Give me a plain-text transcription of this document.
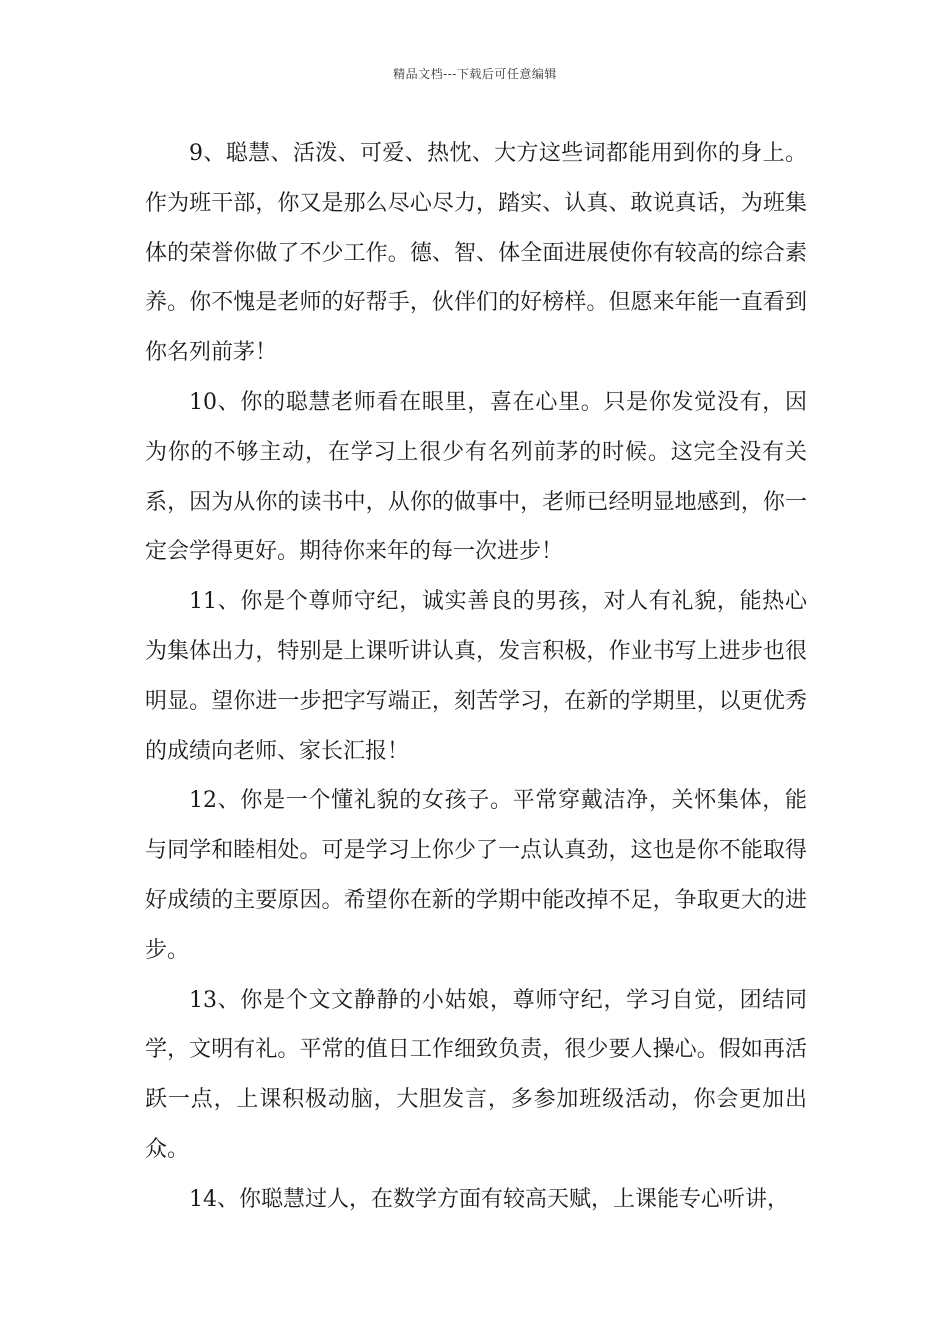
精品文档---下载后可任意编辑

9、聪慧、活泼、可爱、热忱、大方这些词都能用到你的身上。作为班干部，你又是那么尽心尽力，踏实、认真、敢说真话，为班集体的荣誉你做了不少工作。德、智、体全面进展使你有较高的综合素养。你不愧是老师的好帮手，伙伴们的好榜样。但愿来年能一直看到你名列前茅！

10、你的聪慧老师看在眼里，喜在心里。只是你发觉没有，因为你的不够主动，在学习上很少有名列前茅的时候。这完全没有关系，因为从你的读书中，从你的做事中，老师已经明显地感到，你一定会学得更好。期待你来年的每一次进步！

11、你是个尊师守纪，诚实善良的男孩，对人有礼貌，能热心为集体出力，特别是上课听讲认真，发言积极，作业书写上进步也很明显。望你进一步把字写端正，刻苦学习，在新的学期里，以更优秀的成绩向老师、家长汇报！

12、你是一个懂礼貌的女孩子。平常穿戴洁净，关怀集体，能与同学和睦相处。可是学习上你少了一点认真劲，这也是你不能取得好成绩的主要原因。希望你在新的学期中能改掉不足，争取更大的进步。

13、你是个文文静静的小姑娘，尊师守纪，学习自觉，团结同学，文明有礼。平常的值日工作细致负责，很少要人操心。假如再活跃一点，上课积极动脑，大胆发言，多参加班级活动，你会更加出众。

14、你聪慧过人，在数学方面有较高天赋，上课能专心听讲，
